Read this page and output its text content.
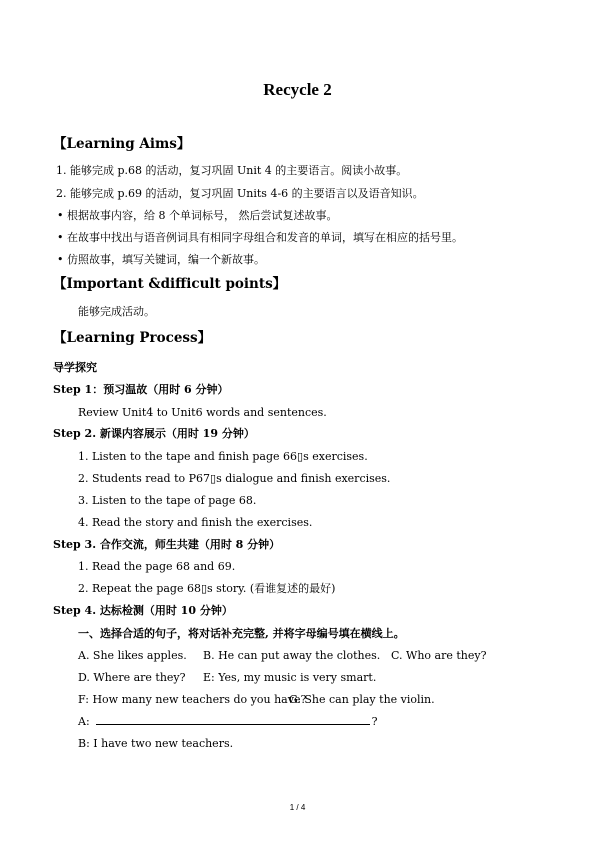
Recycle 2
【Learning Aims】
1. 能够完成 p.68 的活动，复习巩固 Unit 4 的主要语言。阅读小故事。
2. 能够完成 p.69 的活动，复习巩固 Units 4-6 的主要语言以及语音知识。
• 根据故事内容，给 8 个单词标号， 然后尝试复述故事。
• 在故事中找出与语音例词具有相同字母组合和发音的单词，填写在相应的括号里。
• 仿照故事，填写关键词，编一个新故事。
【Important &difficult points】
能够完成活动。
【Learning Process】
导学探究
Step 1：预习温故（用时 6 分钟）
Review Unit4 to Unit6 words and sentences.
Step 2. 新课内容展示（用时 19 分钟）
1. Listen to the tape and finish page 66▯s exercises.
2. Students read to P67▯s dialogue and finish exercises.
3. Listen to the tape of page 68.
4. Read the story and finish the exercises.
Step 3. 合作交流，师生共建（用时 8 分钟）
1. Read the page 68 and 69.
2. Repeat the page 68▯s story. (看谁复述的最好)
Step 4. 达标检测（用时 10 分钟）
一、选择合适的句子，将对话补充完整, 并将字母编号填在横线上。
A. She likes apples. B. He can put away the clothes. C. Who are they?
D. Where are they? E: Yes, my music is very smart.
F: How many new teachers do you have?
G. She can play the violin.
A:	?
B: I have two new teachers.
1 / 4
